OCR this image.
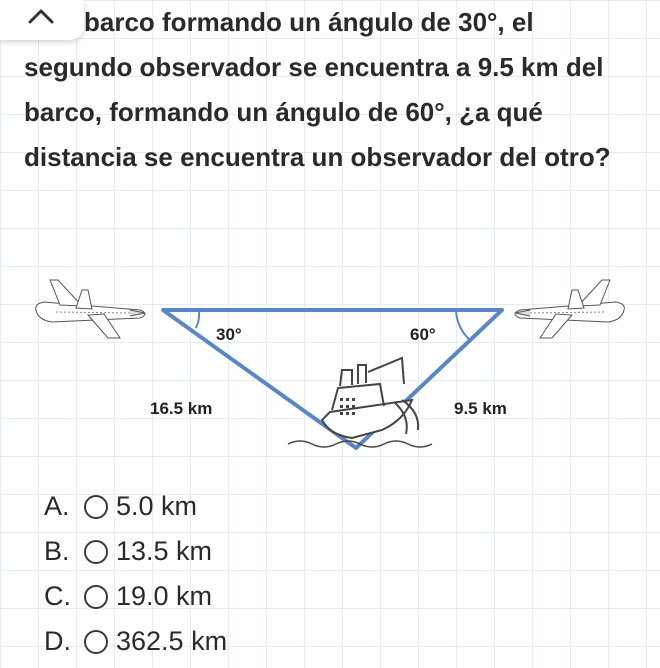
barco formando un ángulo de 30°, el
segundo observador se encuentra a 9.5 km del barco, formando un ángulo de 60°, ¿a qué distancia se encuentra un observador del otro?

30°	60°
16.5 km	9.5 km
A.	5.0 km
B.	13.5 km
C.	19.0 km
D.	362.5 km
